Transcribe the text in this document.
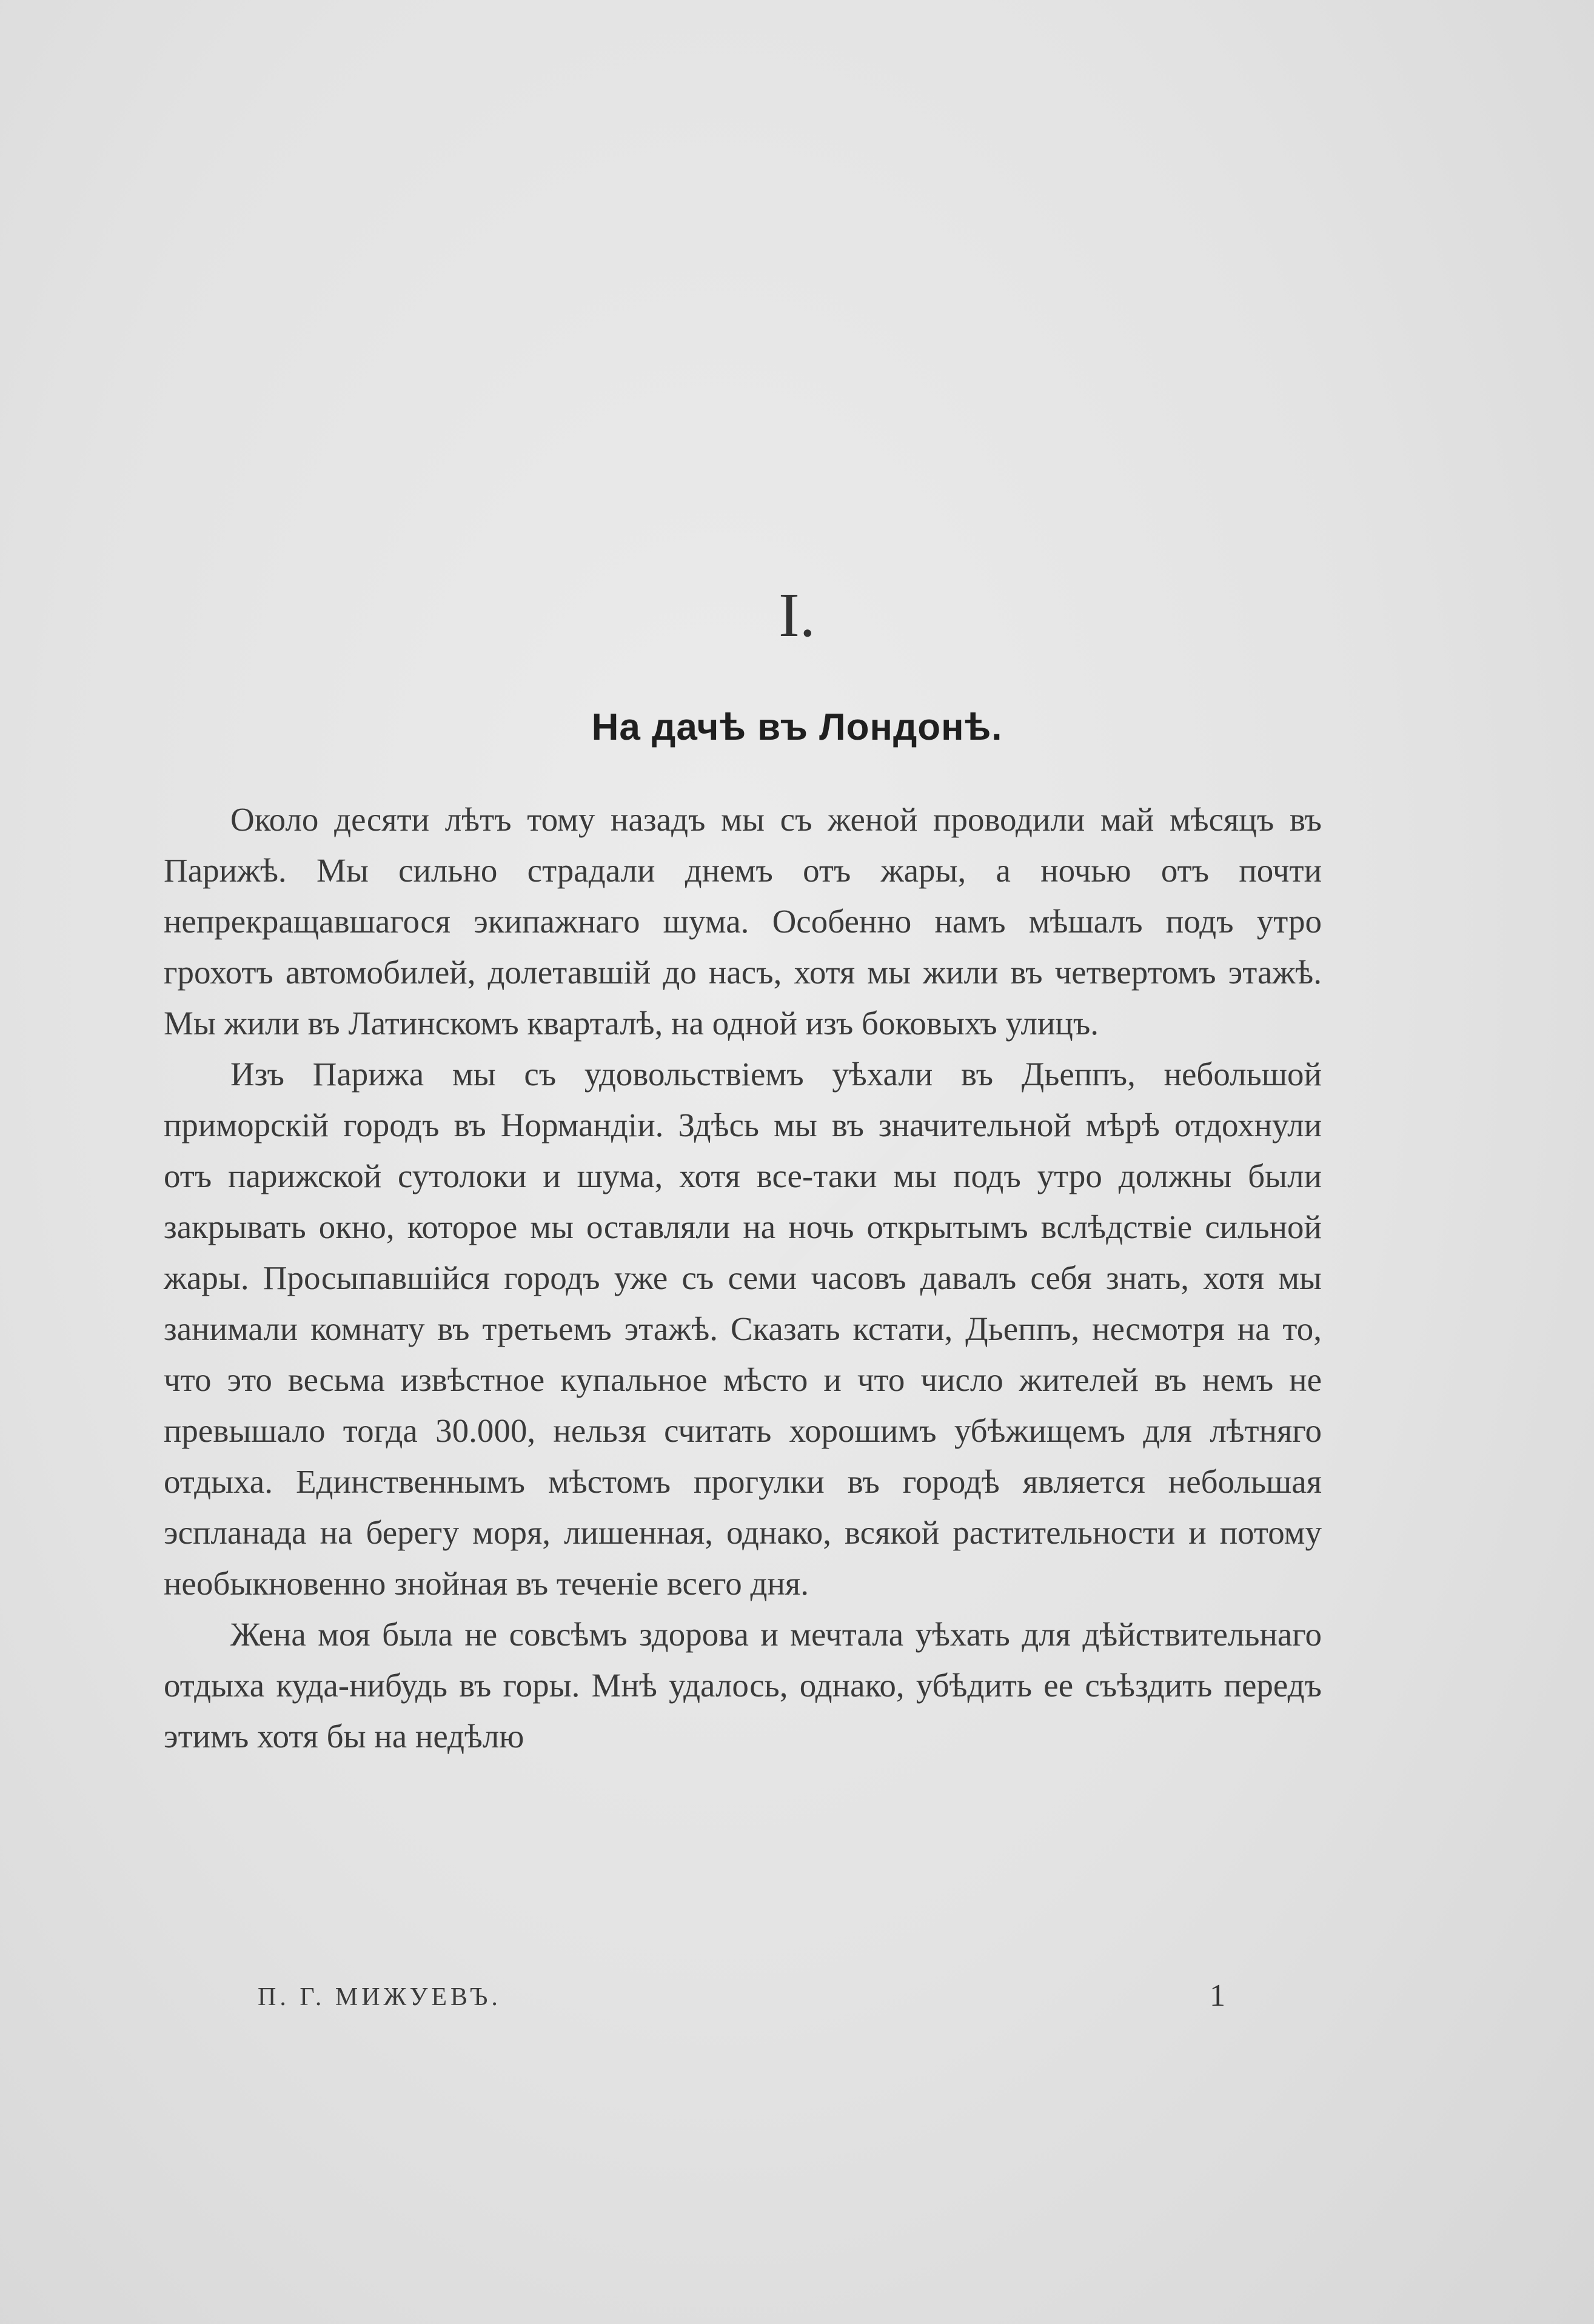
I.
На дачѣ въ Лондонѣ.

Около десяти лѣтъ тому назадъ мы съ женой проводили май мѣсяцъ въ Парижѣ. Мы сильно страдали днемъ отъ жары, а ночью отъ почти непрекращавшагося экипажнаго шума. Особенно намъ мѣшалъ подъ утро грохотъ автомобилей, долетавшій до насъ, хотя мы жили въ четвертомъ этажѣ. Мы жили въ Латинскомъ кварталѣ, на одной изъ боковыхъ улицъ.

Изъ Парижа мы съ удовольствіемъ уѣхали въ Дьеппъ, небольшой приморскій городъ въ Нормандіи. Здѣсь мы въ значительной мѣрѣ отдохнули отъ парижской сутолоки и шума, хотя все-таки мы подъ утро должны были закрывать окно, которое мы оставляли на ночь открытымъ вслѣдствіе сильной жары. Просыпавшійся городъ уже съ семи часовъ давалъ себя знать, хотя мы занимали комнату въ третьемъ этажѣ. Сказать кстати, Дьеппъ, несмотря на то, что это весьма извѣстное купальное мѣсто и что число жителей въ немъ не превышало тогда 30.000, нельзя считать хорошимъ убѣжищемъ для лѣтняго отдыха. Единственнымъ мѣстомъ прогулки въ городѣ является небольшая эспланада на берегу моря, лишенная, однако, всякой растительности и потому необыкновенно знойная въ теченіе всего дня.

Жена моя была не совсѣмъ здорова и мечтала уѣхать для дѣйствительнаго отдыха куда-нибудь въ горы. Мнѣ удалось, однако, убѣдить ее съѣздить передъ этимъ хотя бы на недѣлю

П. Г. МИЖУЕВЪ.	1
